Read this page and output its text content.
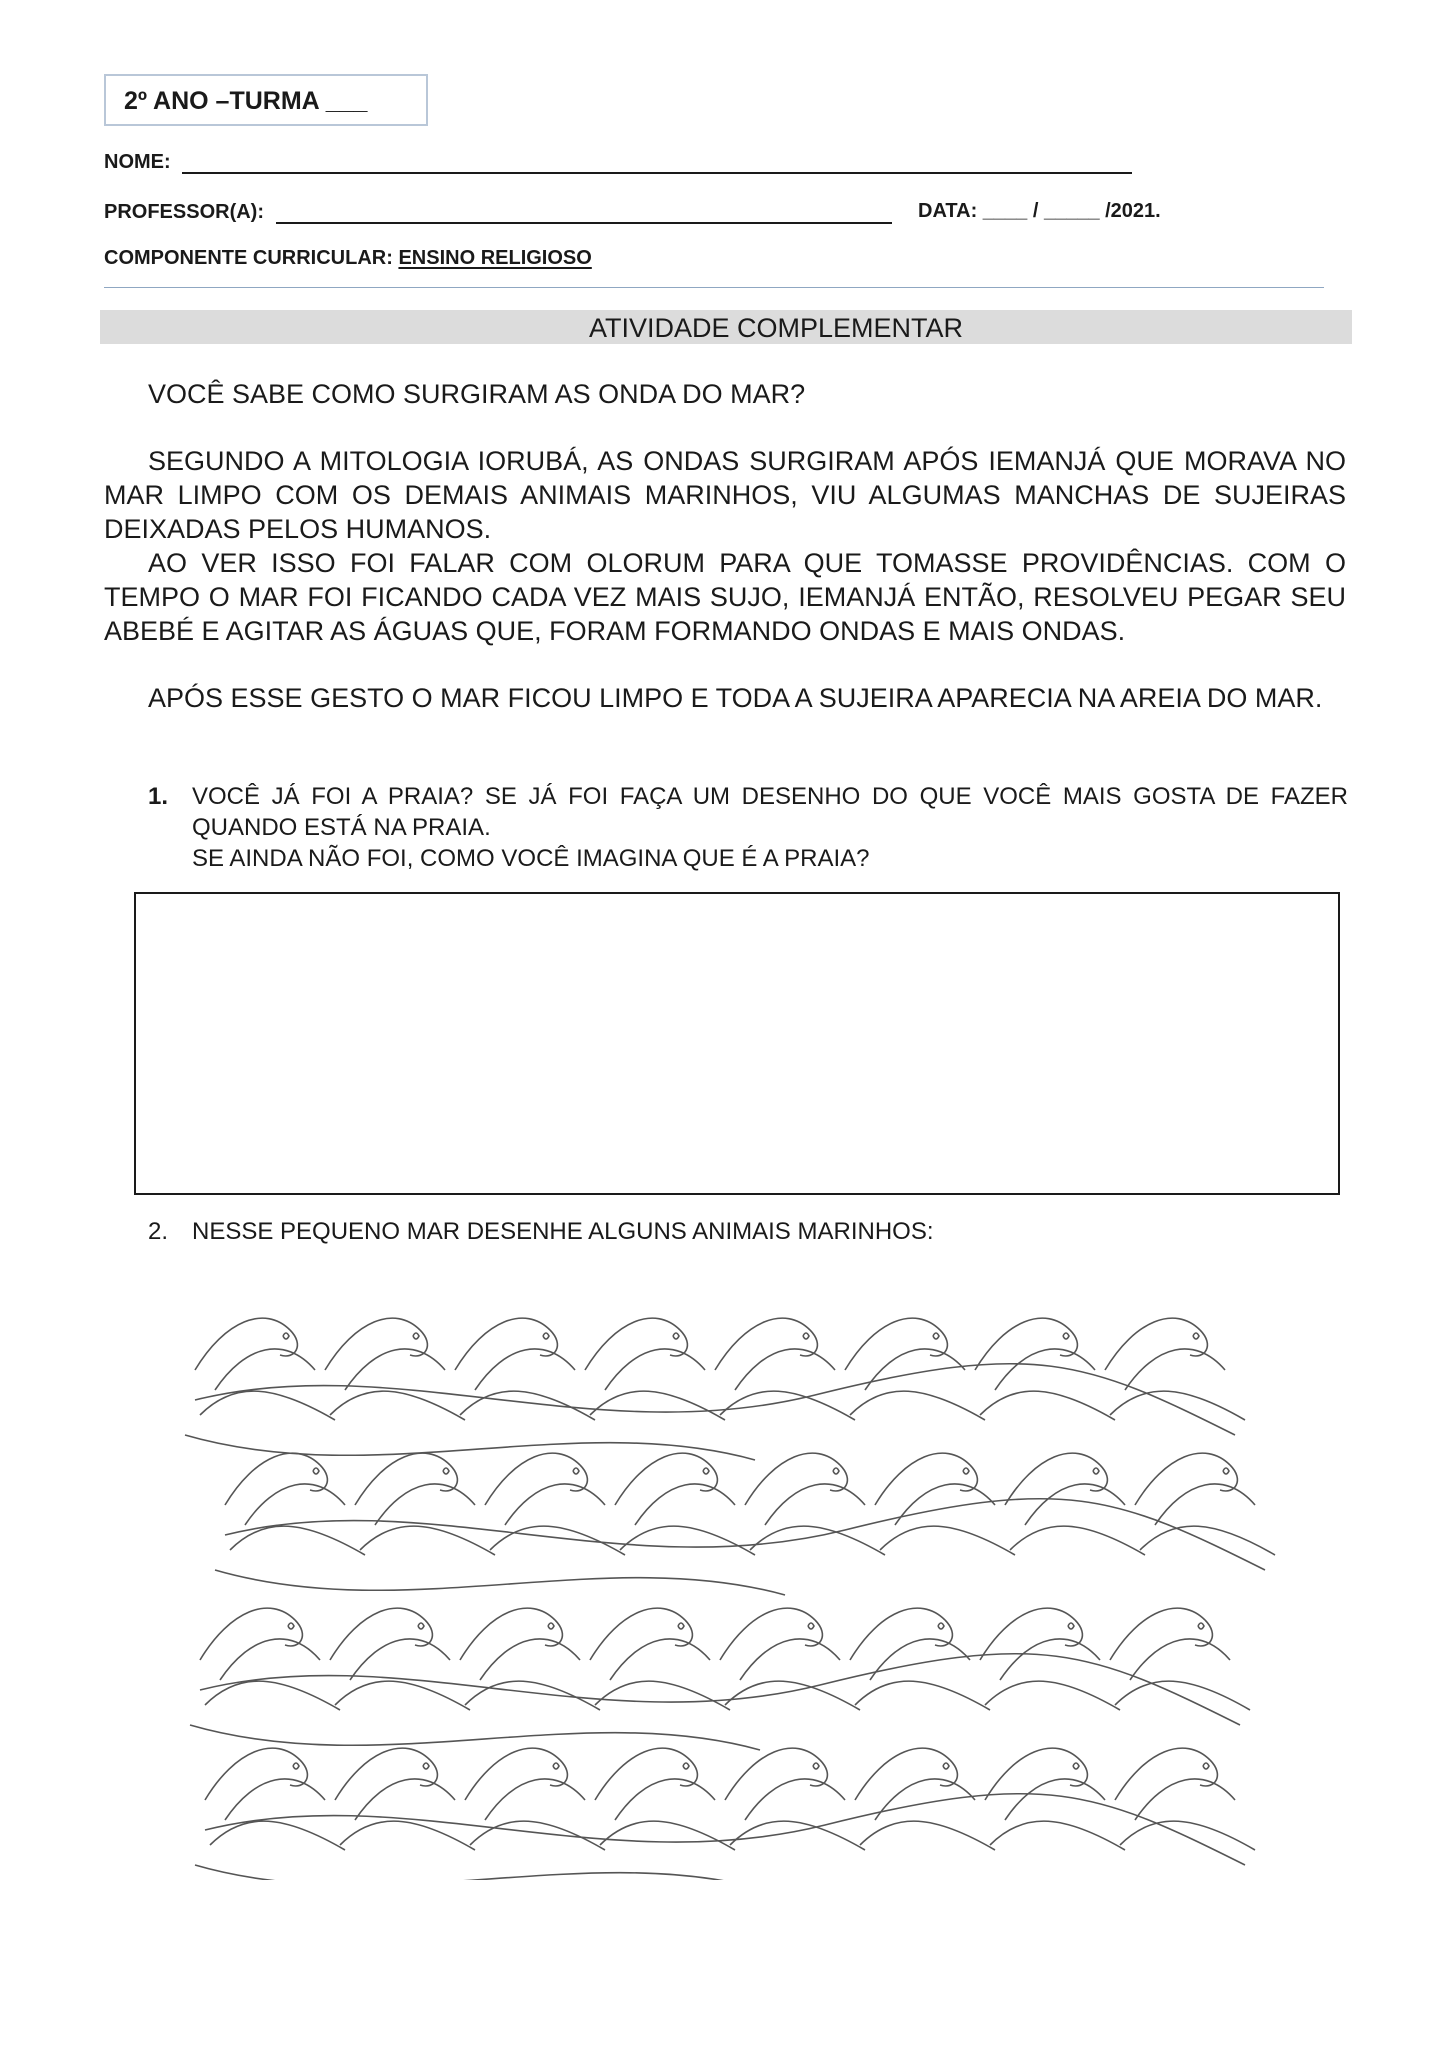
2º ANO –TURMA ___
NOME:
PROFESSOR(A):	DATA: ____ / _____ /2021.
COMPONENTE CURRICULAR: ENSINO RELIGIOSO
ATIVIDADE COMPLEMENTAR

VOCÊ SABE COMO SURGIRAM AS ONDA DO MAR?

SEGUNDO A MITOLOGIA IORUBÁ, AS ONDAS SURGIRAM APÓS IEMANJÁ QUE MORAVA NO MAR LIMPO COM OS DEMAIS ANIMAIS MARINHOS, VIU ALGUMAS MANCHAS DE SUJEIRAS DEIXADAS PELOS HUMANOS.

AO VER ISSO FOI FALAR COM OLORUM PARA QUE TOMASSE PROVIDÊNCIAS. COM O TEMPO O MAR FOI FICANDO CADA VEZ MAIS SUJO, IEMANJÁ ENTÃO, RESOLVEU PEGAR SEU ABEBÉ E AGITAR AS ÁGUAS QUE, FORAM FORMANDO ONDAS E MAIS ONDAS.

APÓS ESSE GESTO O MAR FICOU LIMPO E TODA A SUJEIRA APARECIA NA AREIA DO MAR.

1. VOCÊ JÁ FOI A PRAIA? SE JÁ FOI FAÇA UM DESENHO DO QUE VOCÊ MAIS GOSTA DE FAZER QUANDO ESTÁ NA PRAIA.
SE AINDA NÃO FOI, COMO VOCÊ IMAGINA QUE É A PRAIA?
2. NESSE PEQUENO MAR DESENHE ALGUNS ANIMAIS MARINHOS:
